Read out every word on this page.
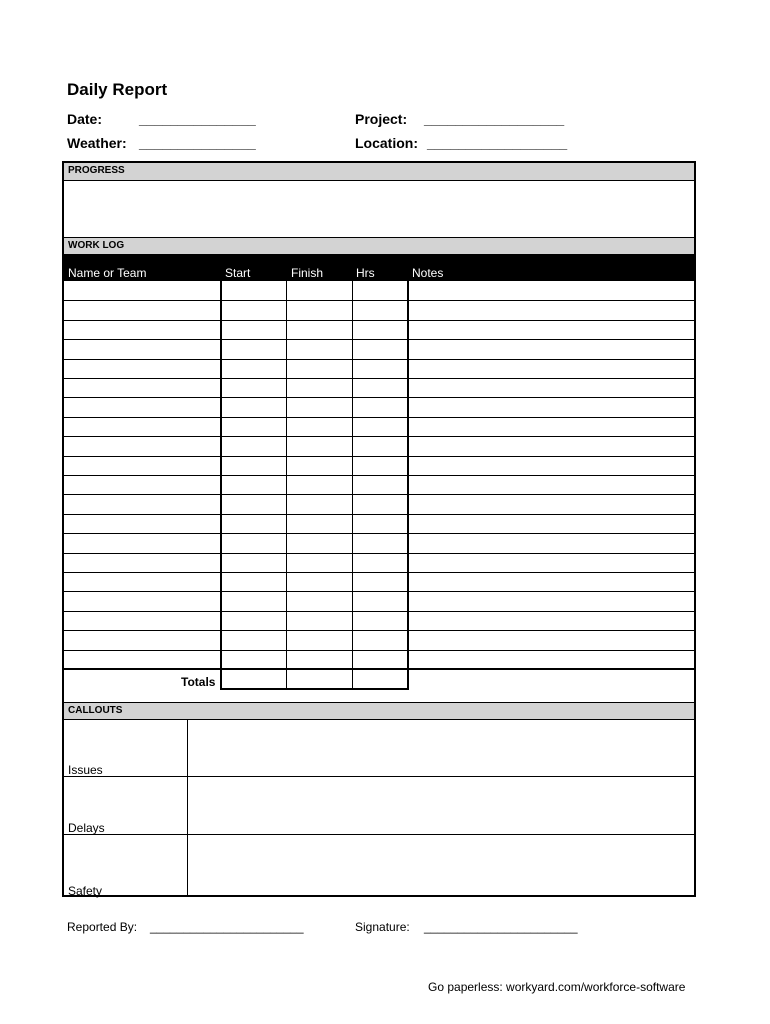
Daily Report
Date:	_______________
Weather: _______________
Project: __________________
Location: __________________
PROGRESS
WORK LOG
Name or Team	Start	Finish	Hrs	Notes
Totals
CALLOUTS
Issues
Delays
Safety
Reported By: _______________________	Signature: _______________________
Go paperless: workyard.com/workforce-software
